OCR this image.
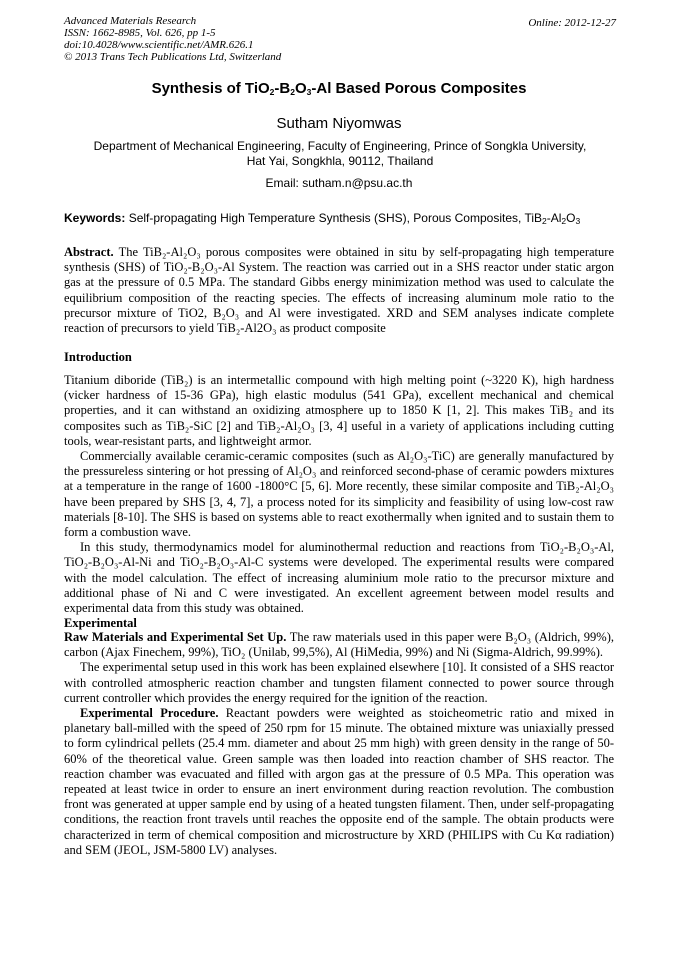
Advanced Materials Research
ISSN: 1662-8985, Vol. 626, pp 1-5
doi:10.4028/www.scientific.net/AMR.626.1
© 2013 Trans Tech Publications Ltd, Switzerland
Online: 2012-12-27
Synthesis of $TiO_2-B_2O_3-Al$ Based Porous Composites
Sutham Niyomwas
Department of Mechanical Engineering, Faculty of Engineering, Prince of Songkla University,
Hat Yai, Songkhla, 90112, Thailand
Email: sutham.n@psu.ac.th
Keywords: Self-propagating High Temperature Synthesis (SHS), Porous Composites, $TiB_2-Al_2O_3$

Abstract. The TiB₂-Al₂O₃ porous composites were obtained in situ by self-propagating high temperature synthesis (SHS) of TiO₂-B₂O₃-Al System. The reaction was carried out in a SHS reactor under static argon gas at the pressure of 0.5 MPa. The standard Gibbs energy minimization method was used to calculate the equilibrium composition of the reacting species. The effects of increasing aluminum mole ratio to the precursor mixture of TiO2, B₂O₃ and Al were investigated. XRD and SEM analyses indicate complete reaction of precursors to yield TiB₂-Al2O₃ as product composite

Introduction

Titanium diboride (TiB₂) is an intermetallic compound with high melting point (~3220 K), high hardness (vicker hardness of 15-36 GPa), high elastic modulus (541 GPa), excellent mechanical and chemical properties, and it can withstand an oxidizing atmosphere up to 1850 K [1, 2]. This makes TiB₂ and its composites such as TiB₂-SiC [2] and TiB₂-Al₂O₃ [3, 4] useful in a variety of applications including cutting tools, wear-resistant parts, and lightweight armor.

Commercially available ceramic-ceramic composites (such as Al₂O₃-TiC) are generally manufactured by the pressureless sintering or hot pressing of Al₂O₃ and reinforced second-phase of ceramic powders mixtures at a temperature in the range of 1600 -1800°C [5, 6]. More recently, these similar composite and TiB₂-Al₂O₃ have been prepared by SHS [3, 4, 7], a process noted for its simplicity and feasibility of using low-cost raw materials [8-10]. The SHS is based on systems able to react exothermally when ignited and to sustain them to form a combustion wave.

In this study, thermodynamics model for aluminothermal reduction and reactions from TiO₂-B₂O₃-Al, TiO₂-B₂O₃-Al-Ni and TiO₂-B₂O₃-Al-C systems were developed. The experimental results were compared with the model calculation. The effect of increasing aluminium mole ratio to the precursor mixture and additional phase of Ni and C were investigated. An excellent agreement between model results and experimental data from this study was obtained.

Experimental

Raw Materials and Experimental Set Up. The raw materials used in this paper were B₂O₃ (Aldrich, 99%), carbon (Ajax Finechem, 99%), TiO₂ (Unilab, 99,5%), Al (HiMedia, 99%) and Ni (Sigma-Aldrich, 99.99%).

The experimental setup used in this work has been explained elsewhere [10]. It consisted of a SHS reactor with controlled atmospheric reaction chamber and tungsten filament connected to power source through current controller which provides the energy required for the ignition of the reaction.

Experimental Procedure. Reactant powders were weighted as stoicheometric ratio and mixed in planetary ball-milled with the speed of 250 rpm for 15 minute. The obtained mixture was uniaxially pressed to form cylindrical pellets (25.4 mm. diameter and about 25 mm high) with green density in the range of 50-60% of the theoretical value. Green sample was then loaded into reaction chamber of SHS reactor. The reaction chamber was evacuated and filled with argon gas at the pressure of 0.5 MPa. This operation was repeated at least twice in order to ensure an inert environment during reaction revolution. The combustion front was generated at upper sample end by using of a heated tungsten filament. Then, under self-propagating conditions, the reaction front travels until reaches the opposite end of the sample. The obtain products were characterized in term of chemical composition and microstructure by XRD (PHILIPS with Cu Kα radiation) and SEM (JEOL, JSM-5800 LV) analyses.
